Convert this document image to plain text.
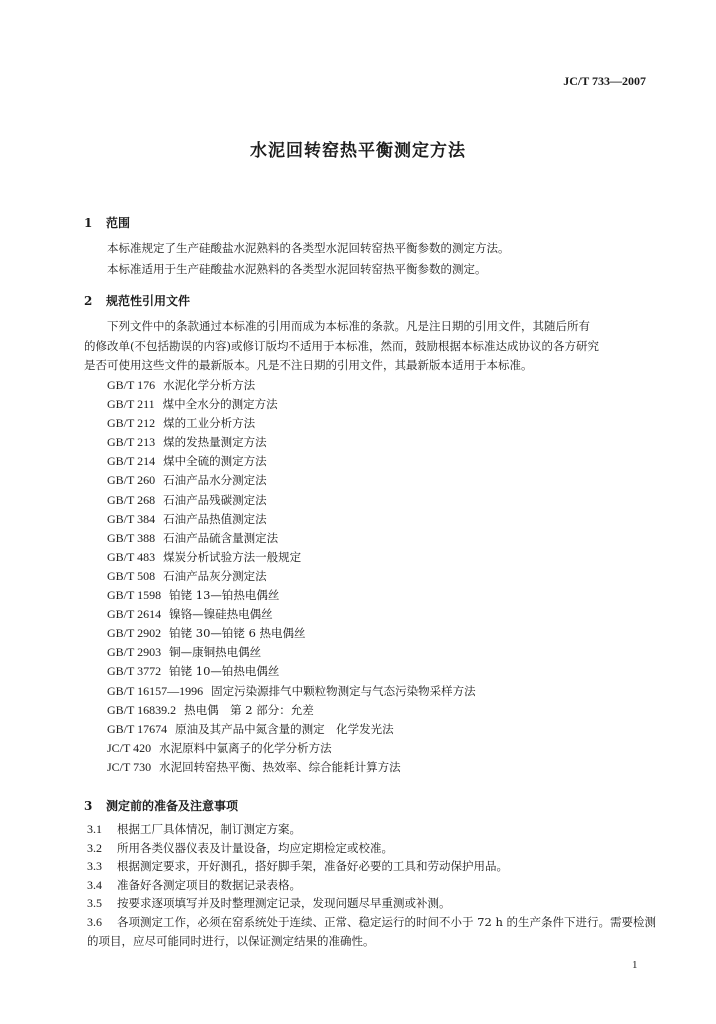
JC/T 733—2007
水泥回转窑热平衡测定方法
1 范围
本标准规定了生产硅酸盐水泥熟料的各类型水泥回转窑热平衡参数的测定方法。
本标准适用于生产硅酸盐水泥熟料的各类型水泥回转窑热平衡参数的测定。
2 规范性引用文件
下列文件中的条款通过本标准的引用而成为本标准的条款。凡是注日期的引用文件，其随后所有
的修改单(不包括勘误的内容)或修订版均不适用于本标准，然而，鼓励根据本标准达成协议的各方研究
是否可使用这些文件的最新版本。凡是不注日期的引用文件，其最新版本适用于本标准。
GB/T 176 水泥化学分析方法
GB/T 211 煤中全水分的测定方法
GB/T 212 煤的工业分析方法
GB/T 213 煤的发热量测定方法
GB/T 214 煤中全硫的测定方法
GB/T 260 石油产品水分测定法
GB/T 268 石油产品残碳测定法
GB/T 384 石油产品热值测定法
GB/T 388 石油产品硫含量测定法
GB/T 483 煤炭分析试验方法一般规定
GB/T 508 石油产品灰分测定法
GB/T 1598 铂铑 13—铂热电偶丝
GB/T 2614 镍铬—镍硅热电偶丝
GB/T 2902 铂铑 30—铂铑 6 热电偶丝
GB/T 2903 铜—康铜热电偶丝
GB/T 3772 铂铑 10—铂热电偶丝
GB/T 16157—1996 固定污染源排气中颗粒物测定与气态污染物采样方法
GB/T 16839.2 热电偶　第 2 部分：允差
GB/T 17674 原油及其产品中氮含量的测定　化学发光法
JC/T 420 水泥原料中氯离子的化学分析方法
JC/T 730 水泥回转窑热平衡、热效率、综合能耗计算方法
3 测定前的准备及注意事项
3.1 根据工厂具体情况，制订测定方案。
3.2 所用各类仪器仪表及计量设备，均应定期检定或校准。
3.3 根据测定要求，开好测孔，搭好脚手架，准备好必要的工具和劳动保护用品。
3.4 准备好各测定项目的数据记录表格。
3.5 按要求逐项填写并及时整理测定记录，发现问题尽早重测或补测。
3.6 各项测定工作，必须在窑系统处于连续、正常、稳定运行的时间不小于 72 h 的生产条件下进行。需要检测的项目，应尽可能同时进行，以保证测定结果的准确性。
1
